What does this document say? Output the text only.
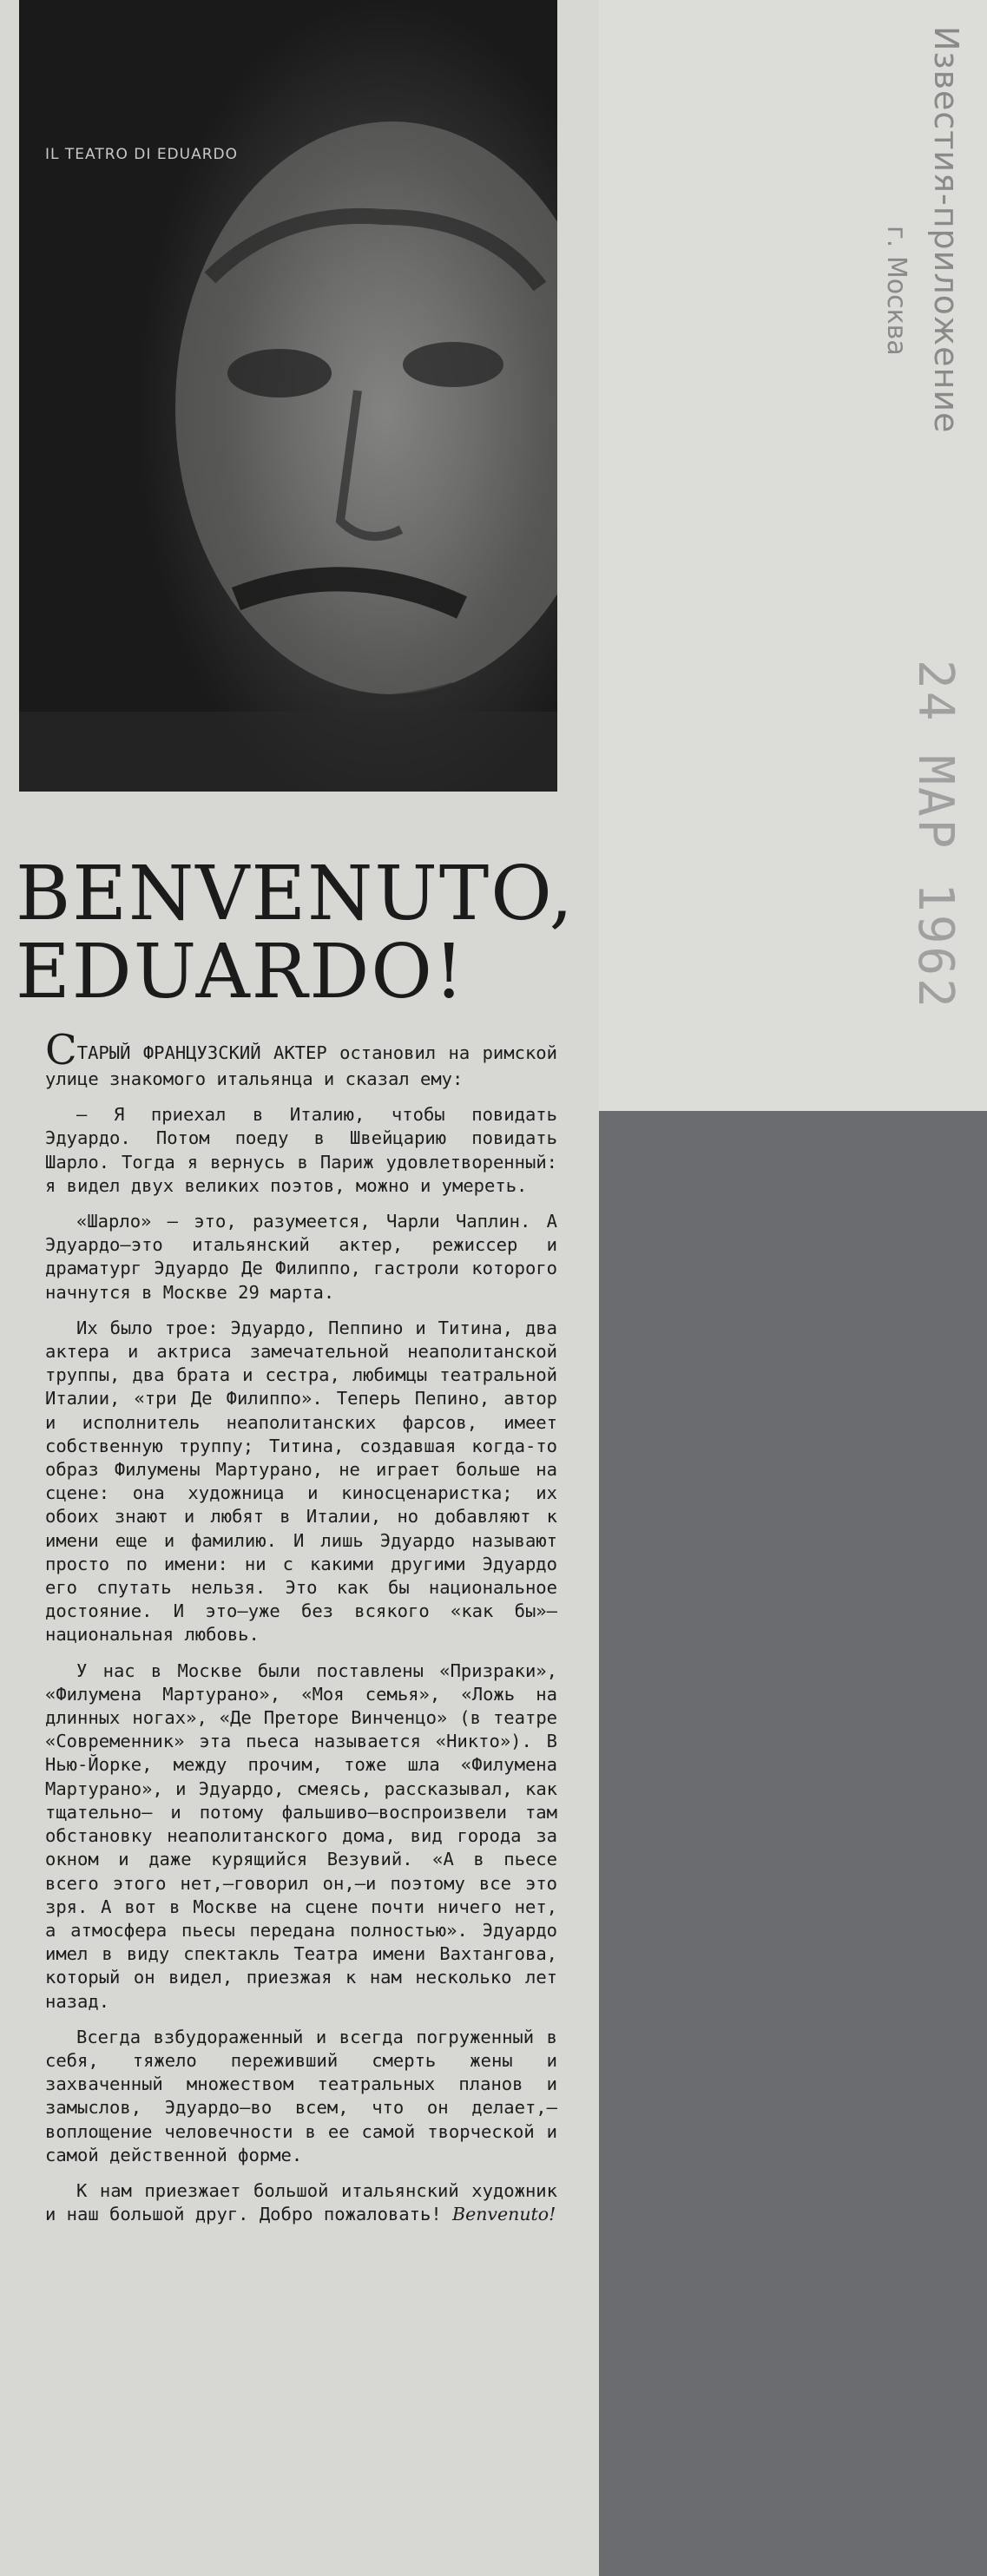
Известия-приложение
г. Москва
24 МАР 1962
IL TEATRO DI EDUARDO
BENVENUTO,
EDUARDO!

СТАРЫЙ ФРАНЦУЗСКИЙ АКТЕР остановил на римской улице знакомого итальянца и сказал ему:

— Я приехал в Италию, чтобы повидать Эдуардо. Потом поеду в Швейцарию повидать Шарло. Тогда я вернусь в Париж удовлетворенный: я видел двух великих поэтов, можно и умереть.

«Шарло» — это, разумеется, Чарли Чаплин. А Эдуардо—это итальянский актер, режиссер и драматург Эдуардо Де Филиппо, гастроли которого начнутся в Москве 29 марта.

Их было трое: Эдуардо, Пеппино и Титина, два актера и актриса замечательной неаполитанской труппы, два брата и сестра, любимцы театральной Италии, «три Де Филиппо». Теперь Пепино, автор и исполнитель неаполитанских фарсов, имеет собственную труппу; Титина, создавшая когда-то образ Филумены Мартурано, не играет больше на сцене: она художница и киносценаристка; их обоих знают и любят в Италии, но добавляют к имени еще и фамилию. И лишь Эдуардо называют просто по имени: ни с какими другими Эдуардо его спутать нельзя. Это как бы национальное достояние. И это—уже без всякого «как бы»—национальная любовь.

У нас в Москве были поставлены «Призраки», «Филумена Мартурано», «Моя семья», «Ложь на длинных ногах», «Де Преторе Винченцо» (в театре «Современник» эта пьеса называется «Никто»). В Нью-Йорке, между прочим, тоже шла «Филумена Мартурано», и Эдуардо, смеясь, рассказывал, как тщательно— и потому фальшиво—воспроизвели там обстановку неаполитанского дома, вид города за окном и даже курящийся Везувий. «А в пьесе всего этого нет,—говорил он,—и поэтому все это зря. А вот в Москве на сцене почти ничего нет, а атмосфера пьесы передана полностью». Эдуардо имел в виду спектакль Театра имени Вахтангова, который он видел, приезжая к нам несколько лет назад.

Всегда взбудораженный и всегда погруженный в себя, тяжело переживший смерть жены и захваченный множеством театральных планов и замыслов, Эдуардо—во всем, что он делает,—воплощение человечности в ее самой творческой и самой действенной форме.

К нам приезжает большой итальянский художник и наш большой друг. Добро пожаловать! Benvenuto!
